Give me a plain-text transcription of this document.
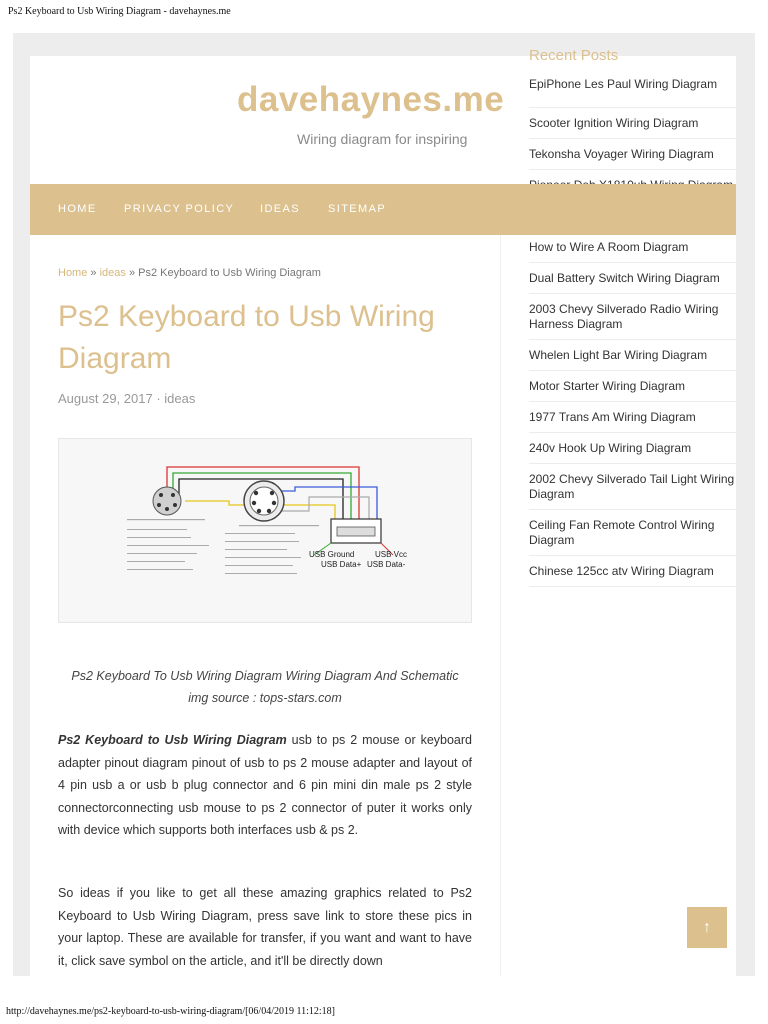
Ps2 Keyboard to Usb Wiring Diagram - davehaynes.me
davehaynes.me
Wiring diagram for inspiring
Recent Posts
EpiPhone Les Paul Wiring Diagram
Scooter Ignition Wiring Diagram
Tekonsha Voyager Wiring Diagram
How to Wire A Room Diagram
Dual Battery Switch Wiring Diagram
2003 Chevy Silverado Radio Wiring Harness Diagram
Whelen Light Bar Wiring Diagram
Motor Starter Wiring Diagram
1977 Trans Am Wiring Diagram
240v Hook Up Wiring Diagram
2002 Chevy Silverado Tail Light Wiring Diagram
Ceiling Fan Remote Control Wiring Diagram
Chinese 125cc atv Wiring Diagram
HOME PRIVACY POLICY IDEAS	SITEMAP
Home » ideas » Ps2 Keyboard to Usb Wiring Diagram
Ps2 Keyboard to Usb Wiring Diagram
August 29, 2017 · ideas
USB Ground	USB Vcc
USB Data+ USB Data-
Ps2 Keyboard To Usb Wiring Diagram Wiring Diagram And Schematic
img source : tops-stars.com

Ps2 Keyboard to Usb Wiring Diagram usb to ps 2 mouse or keyboard adapter pinout diagram pinout of usb to ps 2 mouse adapter and layout of 4 pin usb a or usb b plug connector and 6 pin mini din male ps 2 style connectorconnecting usb mouse to ps 2 connector of puter it works only with device which supports both interfaces usb & ps 2.

So ideas if you like to get all these amazing graphics related to Ps2 Keyboard to Usb Wiring Diagram, press save link to store these pics in your laptop. These are available for transfer, if you want and want to have it, click save symbol on the article, and it'll be directly down

↑
http://davehaynes.me/ps2-keyboard-to-usb-wiring-diagram/[06/04/2019 11:12:18]
